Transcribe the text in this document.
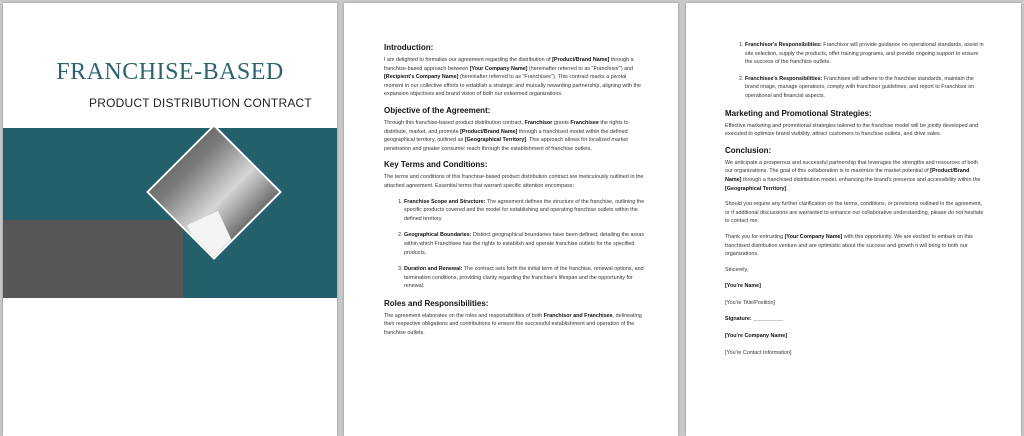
FRANCHISE-BASED
PRODUCT DISTRIBUTION CONTRACT
Introduction:

I am delighted to formalize our agreement regarding the distribution of [Product/Brand Name] through a franchise-based approach between [Your Company Name] (hereinafter referred to as "Franchisor") and [Recipient's Company Name] (hereinafter referred to as "Franchisee"). This contract marks a pivotal moment in our collective efforts to establish a strategic and mutually rewarding partnership, aligning with the expansion objectives and brand vision of both our esteemed organizations.

Objective of the Agreement:

Through this franchise-based product distribution contract, Franchisor grants Franchisee the rights to distribute, market, and promote [Product/Brand Name] through a franchised model within the defined geographical territory, outlined as [Geographical Territory]. This approach allows for localized market penetration and greater consumer reach through the establishment of franchise outlets.

Key Terms and Conditions:

The terms and conditions of this franchise-based product distribution contract are meticulously outlined in the attached agreement. Essential terms that warrant specific attention encompass:

1. Franchise Scope and Structure: The agreement defines the structure of the franchise, outlining the specific products covered and the model for establishing and operating franchise outlets within the defined territory.
2. Geographical Boundaries: Distinct geographical boundaries have been defined, detailing the areas within which Franchisee has the rights to establish and operate franchise outlets for the specified products.
3. Duration and Renewal: The contract sets forth the initial term of the franchise, renewal options, and termination conditions, providing clarity regarding the franchise's lifespan and the opportunity for renewal.
Roles and Responsibilities:

The agreement elaborates on the roles and responsibilities of both Franchisor and Franchisee, delineating their respective obligations and contributions to ensure the successful establishment and operation of the franchise outlets.

1. Franchisor's Responsibilities: Franchisor will provide guidance on operational standards, assist in site selection, supply the products, offer training programs, and provide ongoing support to ensure the success of the franchise outlets.
2. Franchisee's Responsibilities: Franchisee will adhere to the franchise standards, maintain the brand image, manage operations, comply with franchisor guidelines, and report to Franchisor on operational and financial aspects.
Marketing and Promotional Strategies:

Effective marketing and promotional strategies tailored to the franchise model will be jointly developed and executed to optimize brand visibility, attract customers to franchise outlets, and drive sales.

Conclusion:

We anticipate a prosperous and successful partnership that leverages the strengths and resources of both our organizations. The goal of this collaboration is to maximize the market potential of [Product/Brand Name] through a franchised distribution model, enhancing the brand's presence and accessibility within the [Geographical Territory].

Should you require any further clarification on the terms, conditions, or provisions outlined in the agreement, or if additional discussions are warranted to enhance our collaborative understanding, please do not hesitate to contact me.

Thank you for entrusting [Your Company Name] with this opportunity. We are excited to embark on this franchised distribution venture and are optimistic about the success and growth it will bring to both our organizations.

Sincerely,

[You're Name]

[You're Title/Position]

Signature: __________

[You're Company Name]

[You're Contact Information]
